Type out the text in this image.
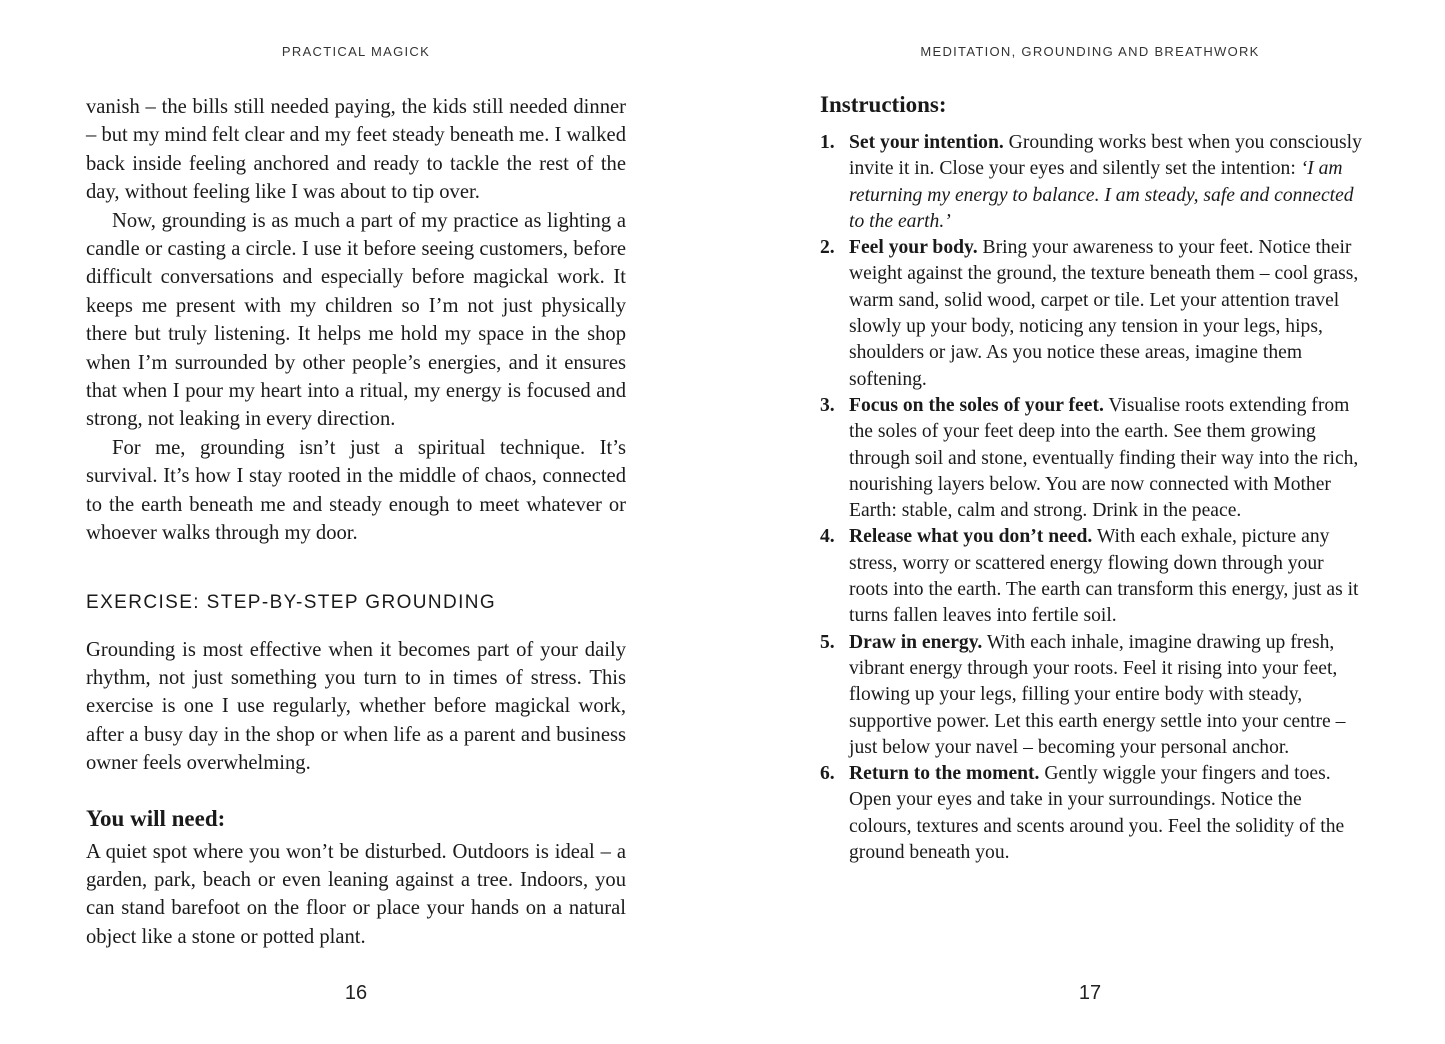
PRACTICAL MAGICK

vanish – the bills still needed paying, the kids still needed dinner – but my mind felt clear and my feet steady beneath me. I walked back inside feeling anchored and ready to tackle the rest of the day, without feeling like I was about to tip over.

Now, grounding is as much a part of my practice as lighting a candle or casting a circle. I use it before seeing customers, before difficult conversations and especially before magickal work. It keeps me present with my children so I’m not just physically there but truly listening. It helps me hold my space in the shop when I’m surrounded by other people’s energies, and it ensures that when I pour my heart into a ritual, my energy is focused and strong, not leaking in every direction.

For me, grounding isn’t just a spiritual technique. It’s survival. It’s how I stay rooted in the middle of chaos, connected to the earth beneath me and steady enough to meet whatever or whoever walks through my door.

EXERCISE: STEP-BY-STEP GROUNDING

Grounding is most effective when it becomes part of your daily rhythm, not just something you turn to in times of stress. This exercise is one I use regularly, whether before magickal work, after a busy day in the shop or when life as a parent and business owner feels overwhelming.

You will need:

A quiet spot where you won’t be disturbed. Outdoors is ideal – a garden, park, beach or even leaning against a tree. Indoors, you can stand barefoot on the floor or place your hands on a natural object like a stone or potted plant.

16
MEDITATION, GROUNDING AND BREATHWORK
Instructions:
1. Set your intention. Grounding works best when you consciously invite it in. Close your eyes and silently set the intention: ‘I am returning my energy to balance. I am steady, safe and connected to the earth.’
2. Feel your body. Bring your awareness to your feet. Notice their weight against the ground, the texture beneath them – cool grass, warm sand, solid wood, carpet or tile. Let your attention travel slowly up your body, noticing any tension in your legs, hips, shoulders or jaw. As you notice these areas, imagine them softening.
3. Focus on the soles of your feet. Visualise roots extending from the soles of your feet deep into the earth. See them growing through soil and stone, eventually finding their way into the rich, nourishing layers below. You are now connected with Mother Earth: stable, calm and strong. Drink in the peace.
4. Release what you don’t need. With each exhale, picture any stress, worry or scattered energy flowing down through your roots into the earth. The earth can transform this energy, just as it turns fallen leaves into fertile soil.
5. Draw in energy. With each inhale, imagine drawing up fresh, vibrant energy through your roots. Feel it rising into your feet, flowing up your legs, filling your entire body with steady, supportive power. Let this earth energy settle into your centre – just below your navel – becoming your personal anchor.
6. Return to the moment. Gently wiggle your fingers and toes. Open your eyes and take in your surroundings. Notice the colours, textures and scents around you. Feel the solidity of the ground beneath you.
17
